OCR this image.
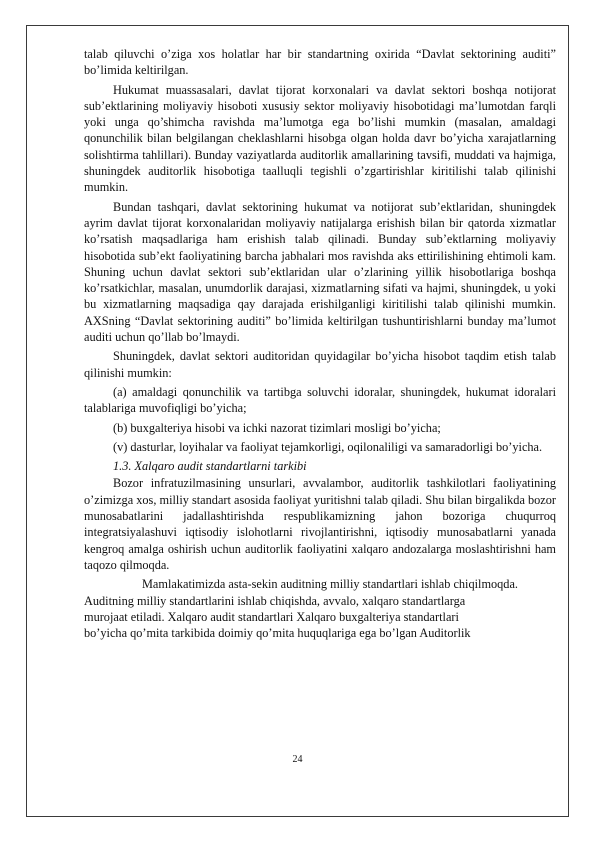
talab qiluvchi o’ziga xos holatlar har bir standartning oxirida “Davlat sektorining auditi” bo’limida keltirilgan.

Hukumat muassasalari, davlat tijorat korxonalari va davlat sektori boshqa notijorat sub’ektlarining moliyaviy hisoboti xususiy sektor moliyaviy hisobotidagi ma’lumotdan farqli yoki unga qo’shimcha ravishda ma’lumotga ega bo’lishi mumkin (masalan, amaldagi qonunchilik bilan belgilangan cheklashlarni hisobga olgan holda davr bo’yicha xarajatlarning solishtirma tahlillari). Bunday vaziyatlarda auditorlik amallarining tavsifi, muddati va hajmiga, shuningdek auditorlik hisobotiga taalluqli tegishli o’zgartirishlar kiritilishi talab qilinishi mumkin.

Bundan tashqari, davlat sektorining hukumat va notijorat sub’ektlaridan, shuningdek ayrim davlat tijorat korxonalaridan moliyaviy natijalarga erishish bilan bir qatorda xizmatlar ko’rsatish maqsadlariga ham erishish talab qilinadi. Bunday sub’ektlarning moliyaviy hisobotida sub’ekt faoliyatining barcha jabhalari mos ravishda aks ettirilishining ehtimoli kam. Shuning uchun davlat sektori sub’ektlaridan ular o’zlarining yillik hisobotlariga boshqa ko’rsatkichlar, masalan, unumdorlik darajasi, xizmatlarning sifati va hajmi, shuningdek, u yoki bu xizmatlarning maqsadiga qay darajada erishilganligi kiritilishi talab qilinishi mumkin. AXSning “Davlat sektorining auditi” bo’limida keltirilgan tushuntirishlarni bunday ma’lumot auditi uchun qo’llab bo’lmaydi.

Shuningdek, davlat sektori auditoridan quyidagilar bo’yicha hisobot taqdim etish talab qilinishi mumkin:

(a) amaldagi qonunchilik va tartibga soluvchi idoralar, shuningdek, hukumat idoralari talablariga muvofiqligi bo’yicha;

(b) buxgalteriya hisobi va ichki nazorat tizimlari mosligi bo’yicha;

(v) dasturlar, loyihalar va faoliyat tejamkorligi, oqilonaliligi va samaradorligi bo’yicha.

1.3. Xalqaro audit standartlarni tarkibi

Bozor infratuzilmasining unsurlari, avvalambor, auditorlik tashkilotlari faoliyatining o’zimizga xos, milliy standart asosida faoliyat yuritishni talab qiladi. Shu bilan birgalikda bozor munosabatlarini jadallashtirishda respublikamizning jahon bozoriga chuqurroq integratsiyalashuvi iqtisodiy islohotlarni rivojlantirishni, iqtisodiy munosabatlarni yanada kengroq amalga oshirish uchun auditorlik faoliyatini xalqaro andozalarga moslashtirishni ham taqozo qilmoqda.

Mamlakatimizda asta-sekin auditning milliy standartlari ishlab chiqilmoqda.
Auditning milliy standartlarini ishlab chiqishda, avvalo, xalqaro standartlarga
murojaat etiladi. Xalqaro audit standartlari Xalqaro buxgalteriya standartlari
bo’yicha qo’mita tarkibida doimiy qo’mita huquqlariga ega bo’lgan Auditorlik

24
